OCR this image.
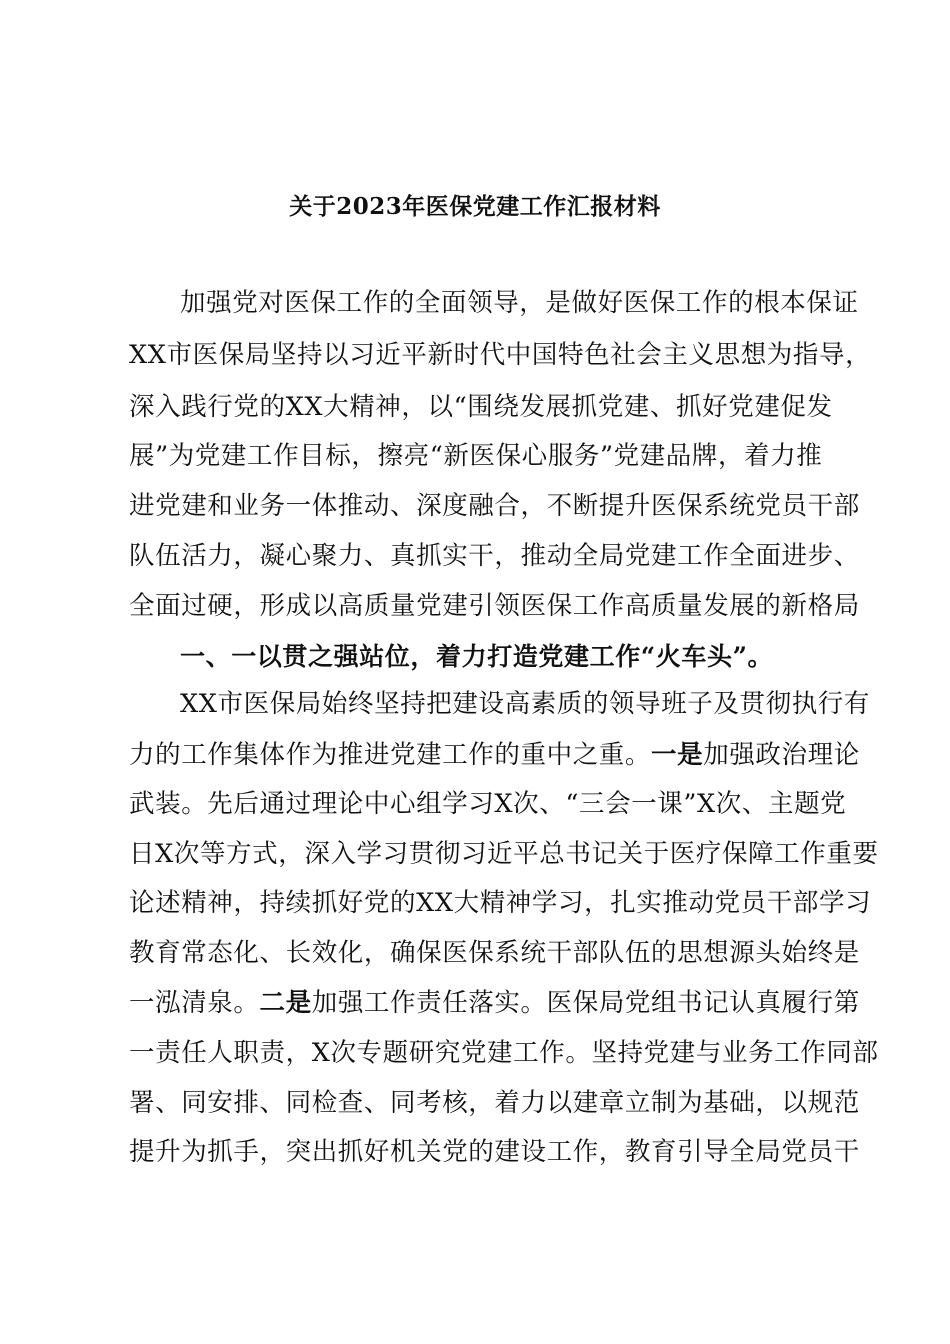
关于2023年医保党建工作汇报材料
加强党对医保工作的全面领导，是做好医保工作的根本保证
XX市医保局坚持以习近平新时代中国特色社会主义思想为指导，
深入践行党的XX大精神，以“围绕发展抓党建、抓好党建促发
展”为党建工作目标，擦亮“新医保心服务”党建品牌，着力推
进党建和业务一体推动、深度融合，不断提升医保系统党员干部
队伍活力，凝心聚力、真抓实干，推动全局党建工作全面进步、
全面过硬，形成以高质量党建引领医保工作高质量发展的新格局
一、一以贯之强站位，着力打造党建工作“火车头”。
XX市医保局始终坚持把建设高素质的领导班子及贯彻执行有
力的工作集体作为推进党建工作的重中之重。一是加强政治理论
武装。先后通过理论中心组学习X次、“三会一课”X次、主题党
日X次等方式，深入学习贯彻习近平总书记关于医疗保障工作重要
论述精神，持续抓好党的XX大精神学习，扎实推动党员干部学习
教育常态化、长效化，确保医保系统干部队伍的思想源头始终是
一泓清泉。二是加强工作责任落实。医保局党组书记认真履行第
一责任人职责，X次专题研究党建工作。坚持党建与业务工作同部
署、同安排、同检查、同考核，着力以建章立制为基础，以规范
提升为抓手，突出抓好机关党的建设工作，教育引导全局党员干
